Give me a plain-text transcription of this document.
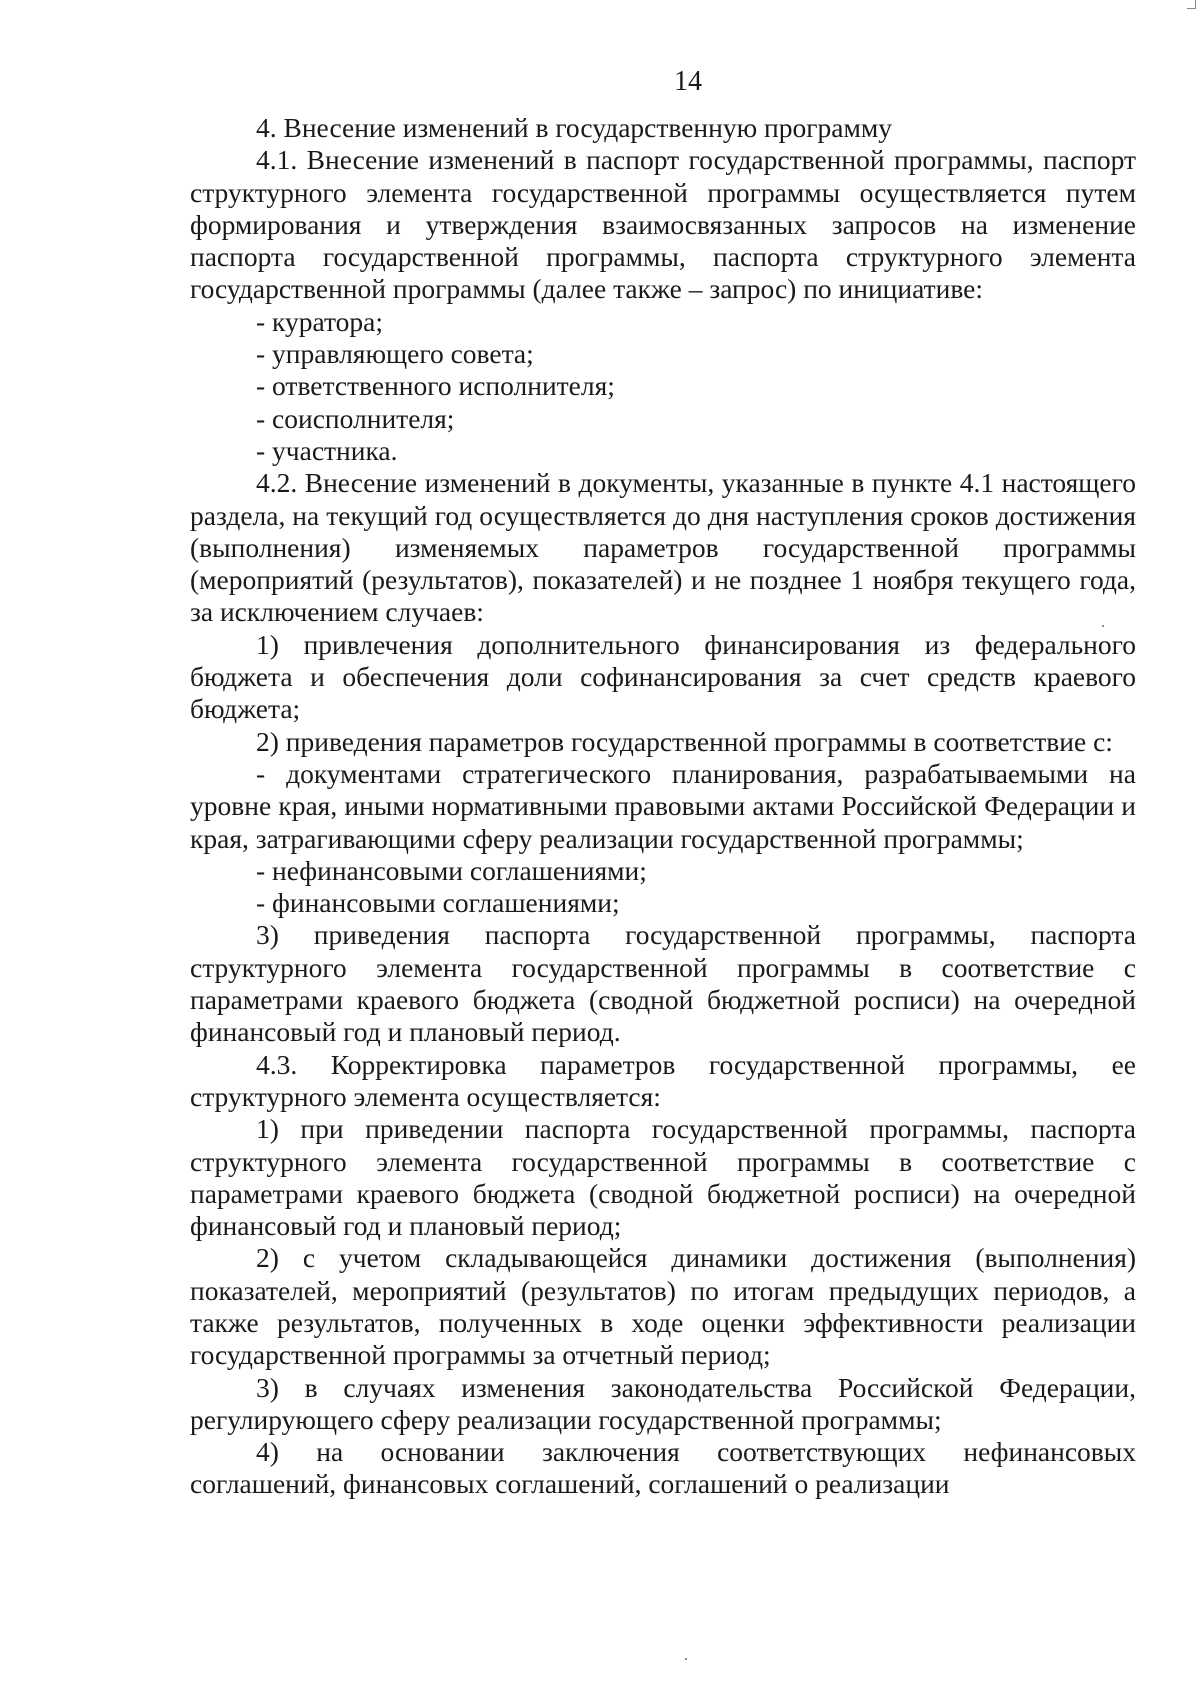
14

4. Внесение изменений в государственную программу

4.1. Внесение изменений в паспорт государственной программы, паспорт структурного элемента государственной программы осуществляется путем формирования и утверждения взаимосвязанных запросов на изменение паспорта государственной программы, паспорта структурного элемента государственной программы (далее также – запрос) по инициативе:

- куратора;

- управляющего совета;

- ответственного исполнителя;

- соисполнителя;

- участника.

4.2. Внесение изменений в документы, указанные в пункте 4.1 настоящего раздела, на текущий год осуществляется до дня наступления сроков достижения (выполнения) изменяемых параметров государственной программы (мероприятий (результатов), показателей) и не позднее 1 ноября текущего года, за исключением случаев:

1) привлечения дополнительного финансирования из федерального бюджета и обеспечения доли софинансирования за счет средств краевого бюджета;

2) приведения параметров государственной программы в соответствие с:

- документами стратегического планирования, разрабатываемыми на уровне края, иными нормативными правовыми актами Российской Федерации и края, затрагивающими сферу реализации государственной программы;

- нефинансовыми соглашениями;

- финансовыми соглашениями;

3) приведения паспорта государственной программы, паспорта структурного элемента государственной программы в соответствие с параметрами краевого бюджета (сводной бюджетной росписи) на очередной финансовый год и плановый период.

4.3. Корректировка параметров государственной программы, ее структурного элемента осуществляется:

1) при приведении паспорта государственной программы, паспорта структурного элемента государственной программы в соответствие с параметрами краевого бюджета (сводной бюджетной росписи) на очередной финансовый год и плановый период;

2) с учетом складывающейся динамики достижения (выполнения) показателей, мероприятий (результатов) по итогам предыдущих периодов, а также результатов, полученных в ходе оценки эффективности реализации государственной программы за отчетный период;

3) в случаях изменения законодательства Российской Федерации, регулирующего сферу реализации государственной программы;

4) на основании заключения соответствующих нефинансовых соглашений, финансовых соглашений, соглашений о реализации
